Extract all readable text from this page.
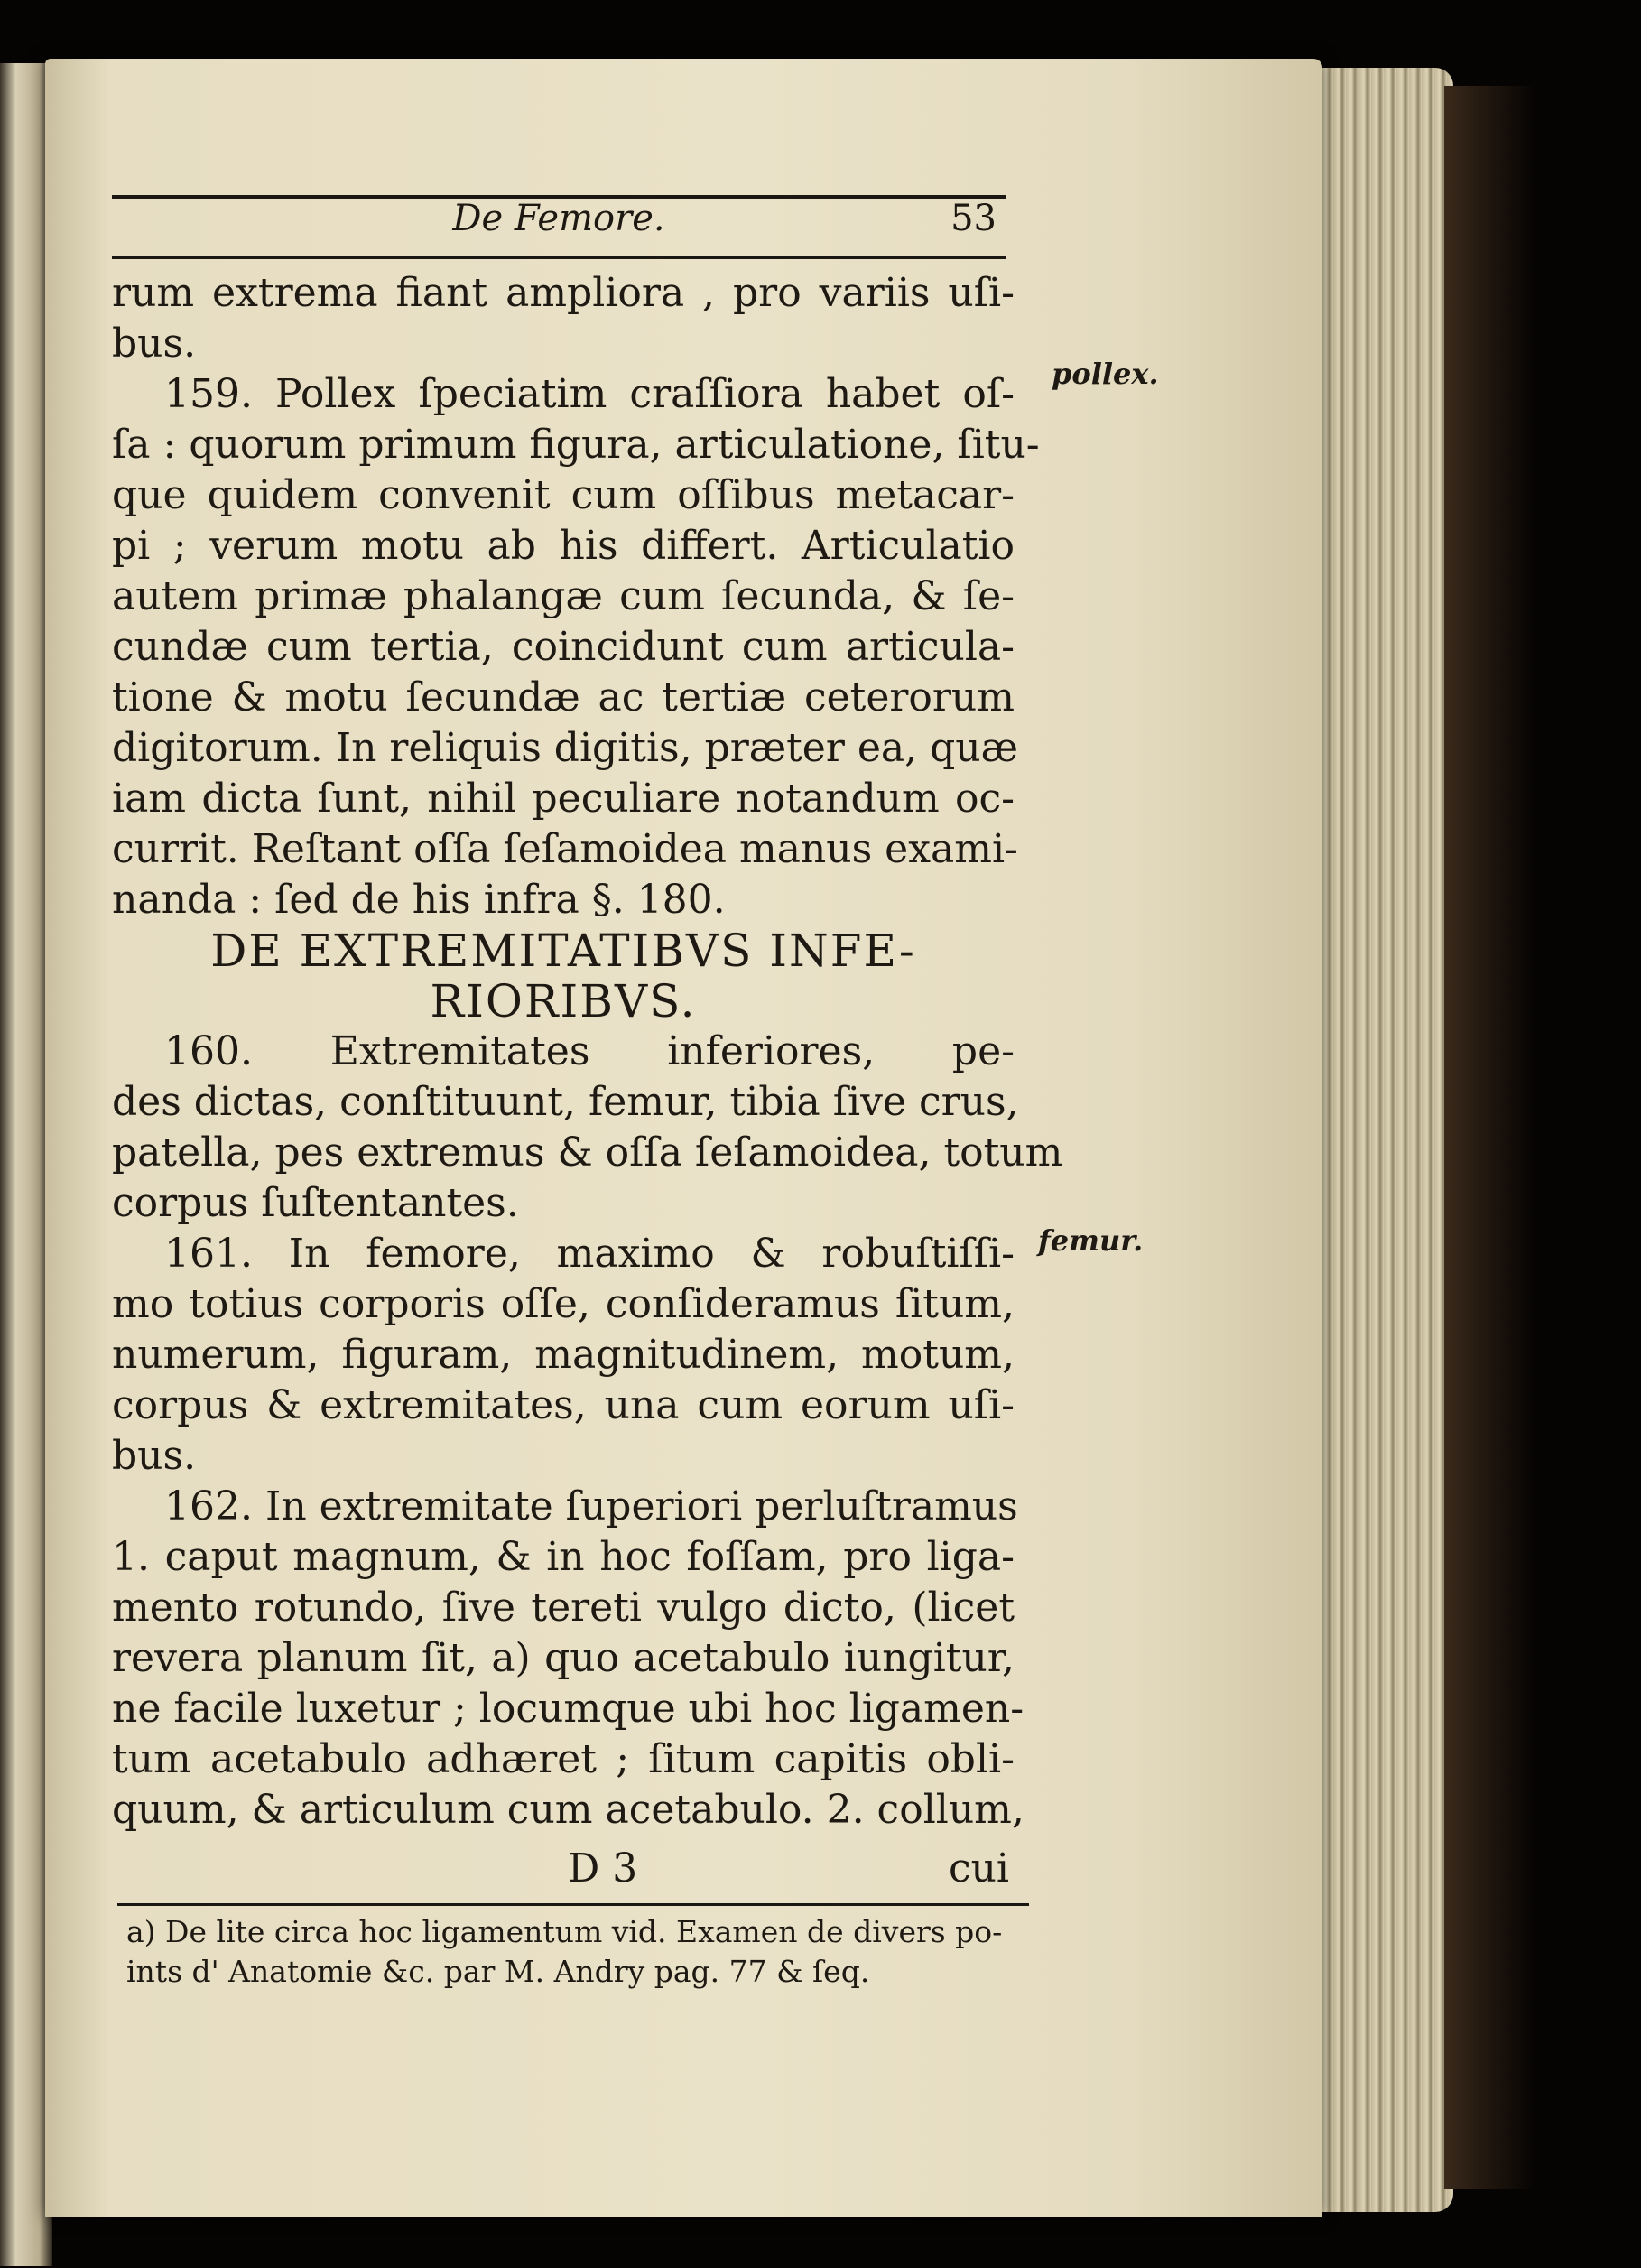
De Femore.	53
rum extrema fiant ampliora , pro variis uſi-
bus.
159. Pollex ſpeciatim craſſiora habet oſ-
ſa : quorum primum figura, articulatione, ſitu-
que quidem convenit cum oſſibus metacar-
pi ; verum motu ab his differt. Articulatio
autem primæ phalangæ cum ſecunda, & ſe-
cundæ cum tertia, coincidunt cum articula-
tione & motu ſecundæ ac tertiæ ceterorum
digitorum. In reliquis digitis, præter ea, quæ
iam dicta ſunt, nihil peculiare notandum oc-
currit. Reſtant oſſa ſeſamoidea manus exami-
nanda : ſed de his infra §. 180.
DE EXTREMITATIBVS INFE-
RIORIBVS.
160. Extremitates inferiores, pe-
des dictas, conſtituunt, femur, tibia ſive crus,
patella, pes extremus & oſſa ſeſamoidea, totum
corpus ſuſtentantes.
161. In femore, maximo & robuſtiſſi-
mo totius corporis oſſe, conſideramus ſitum,
numerum, figuram, magnitudinem, motum,
corpus & extremitates, una cum eorum uſi-
bus.
162. In extremitate ſuperiori perluſtramus
1. caput magnum, & in hoc foſſam, pro liga-
mento rotundo, ſive tereti vulgo dicto, (licet
revera planum ſit, a) quo acetabulo iungitur,
ne facile luxetur ; locumque ubi hoc ligamen-
tum acetabulo adhæret ; ſitum capitis obli-
quum, & articulum cum acetabulo. 2. collum,
D 3	cui
a) De lite circa hoc ligamentum vid. Examen de divers po-
ints d' Anatomie &c. par M. Andry pag. 77 & ſeq.
pollex.
femur.
